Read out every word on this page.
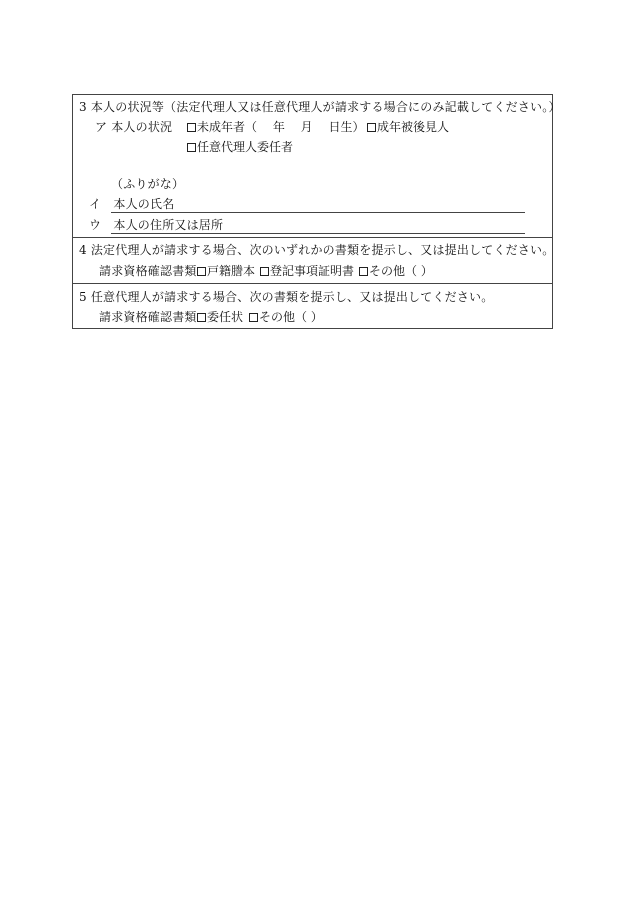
3 本人の状況等（法定代理人又は任意代理人が請求する場合にのみ記載してください。）
ア 本人の状況	未成年者（　 年　 月　 日生）	成年被後見人
任意代理人委任者
（ふりがな）
イ　本人の氏名
ウ　本人の住所又は居所
4 法定代理人が請求する場合、次のいずれかの書類を提示し、又は提出してください。
請求資格確認書類 戸籍謄本	登記事項証明書	その他（ ）
5 任意代理人が請求する場合、次の書類を提示し、又は提出してください。
請求資格確認書類 委任状	その他（ ）
